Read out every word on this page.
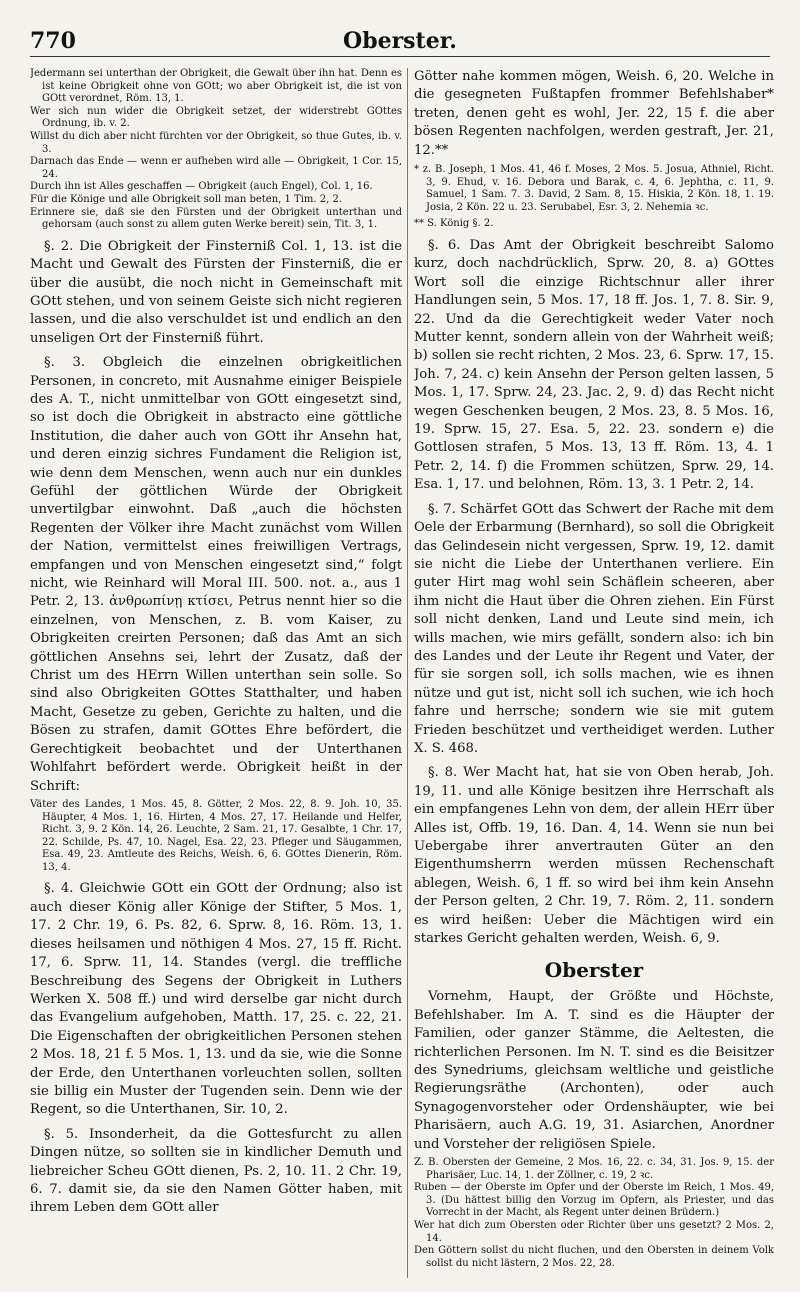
770	Oberster.

Jedermann sei unterthan der Obrigkeit, die Gewalt über ihn hat. Denn es ist keine Obrigkeit ohne von GOtt; wo aber Obrigkeit ist, die ist von GOtt verordnet, Röm. 13, 1.

Wer sich nun wider die Obrigkeit setzet, der widerstrebt GOttes Ordnung, ib. v. 2.

Willst du dich aber nicht fürchten vor der Obrigkeit, so thue Gutes, ib. v. 3.

Darnach das Ende — wenn er aufheben wird alle — Obrigkeit, 1 Cor. 15, 24.

Durch ihn ist Alles geschaffen — Obrigkeit (auch Engel), Col. 1, 16.

Für die Könige und alle Obrigkeit soll man beten, 1 Tim. 2, 2.

Erinnere sie, daß sie den Fürsten und der Obrigkeit unterthan und gehorsam (auch sonst zu allem guten Werke bereit) sein, Tit. 3, 1.

§. 2. Die Obrigkeit der Finsterniß Col. 1, 13. ist die Macht und Gewalt des Fürsten der Finsterniß, die er über die ausübt, die noch nicht in Gemeinschaft mit GOtt stehen, und von seinem Geiste sich nicht regieren lassen, und die also verschuldet ist und endlich an den unseligen Ort der Finsterniß führt.

§. 3. Obgleich die einzelnen obrigkeitlichen Personen, in concreto, mit Ausnahme einiger Beispiele des A. T., nicht unmittelbar von GOtt eingesetzt sind, so ist doch die Obrigkeit in abstracto eine göttliche Institution, die daher auch von GOtt ihr Ansehn hat, und deren einzig sichres Fundament die Religion ist, wie denn dem Menschen, wenn auch nur ein dunkles Gefühl der göttlichen Würde der Obrigkeit unvertilgbar einwohnt. Daß „auch die höchsten Regenten der Völker ihre Macht zunächst vom Willen der Nation, vermittelst eines freiwilligen Vertrags, empfangen und von Menschen eingesetzt sind,“ folgt nicht, wie Reinhard will Moral III. 500. not. a., aus 1 Petr. 2, 13. ἀνθρωπίνῃ κτίσει, Petrus nennt hier so die einzelnen, von Menschen, z. B. vom Kaiser, zu Obrigkeiten creirten Personen; daß das Amt an sich göttlichen Ansehns sei, lehrt der Zusatz, daß der Christ um des HErrn Willen unterthan sein solle. So sind also Obrigkeiten GOttes Statthalter, und haben Macht, Gesetze zu geben, Gerichte zu halten, und die Bösen zu strafen, damit GOttes Ehre befördert, die Gerechtigkeit beobachtet und der Unterthanen Wohlfahrt befördert werde. Obrigkeit heißt in der Schrift:

Väter des Landes, 1 Mos. 45, 8. Götter, 2 Mos. 22, 8. 9. Joh. 10, 35. Häupter, 4 Mos. 1, 16. Hirten, 4 Mos. 27, 17. Heilande und Helfer, Richt. 3, 9. 2 Kön. 14, 26. Leuchte, 2 Sam. 21, 17. Gesalbte, 1 Chr. 17, 22. Schilde, Ps. 47, 10. Nagel, Esa. 22, 23. Pfleger und Säugammen, Esa. 49, 23. Amtleute des Reichs, Weish. 6, 6. GOttes Dienerin, Röm. 13, 4.

§. 4. Gleichwie GOtt ein GOtt der Ordnung; also ist auch dieser König aller Könige der Stifter, 5 Mos. 1, 17. 2 Chr. 19, 6. Ps. 82, 6. Sprw. 8, 16. Röm. 13, 1. dieses heilsamen und nöthigen 4 Mos. 27, 15 ff. Richt. 17, 6. Sprw. 11, 14. Standes (vergl. die treffliche Beschreibung des Segens der Obrigkeit in Luthers Werken X. 508 ff.) und wird derselbe gar nicht durch das Evangelium aufgehoben, Matth. 17, 25. c. 22, 21. Die Eigenschaften der obrigkeitlichen Personen stehen 2 Mos. 18, 21 f. 5 Mos. 1, 13. und da sie, wie die Sonne der Erde, den Unterthanen vorleuchten sollen, sollten sie billig ein Muster der Tugenden sein. Denn wie der Regent, so die Unterthanen, Sir. 10, 2.

§. 5. Insonderheit, da die Gottesfurcht zu allen Dingen nütze, so sollten sie in kindlicher Demuth und liebreicher Scheu GOtt dienen, Ps. 2, 10. 11. 2 Chr. 19, 6. 7. damit sie, da sie den Namen Götter haben, mit ihrem Leben dem GOtt aller

Götter nahe kommen mögen, Weish. 6, 20. Welche in die gesegneten Fußtapfen frommer Befehlshaber* treten, denen geht es wohl, Jer. 22, 15 f. die aber bösen Regenten nachfolgen, werden gestraft, Jer. 21, 12.**

* z. B. Joseph, 1 Mos. 41, 46 f. Moses, 2 Mos. 5. Josua, Athniel, Richt. 3, 9. Ehud, v. 16. Debora und Barak, c. 4, 6. Jephtha, c. 11, 9. Samuel, 1 Sam. 7. 3. David, 2 Sam. 8, 15. Hiskia, 2 Kön. 18, 1. 19. Josia, 2 Kön. 22 u. 23. Serubabel, Esr. 3, 2. Nehemia ꝛc.

** S. König §. 2.

§. 6. Das Amt der Obrigkeit beschreibt Salomo kurz, doch nachdrücklich, Sprw. 20, 8. a) GOttes Wort soll die einzige Richtschnur aller ihrer Handlungen sein, 5 Mos. 17, 18 ff. Jos. 1, 7. 8. Sir. 9, 22. Und da die Gerechtigkeit weder Vater noch Mutter kennt, sondern allein von der Wahrheit weiß; b) sollen sie recht richten, 2 Mos. 23, 6. Sprw. 17, 15. Joh. 7, 24. c) kein Ansehn der Person gelten lassen, 5 Mos. 1, 17. Sprw. 24, 23. Jac. 2, 9. d) das Recht nicht wegen Geschenken beugen, 2 Mos. 23, 8. 5 Mos. 16, 19. Sprw. 15, 27. Esa. 5, 22. 23. sondern e) die Gottlosen strafen, 5 Mos. 13, 13 ff. Röm. 13, 4. 1 Petr. 2, 14. f) die Frommen schützen, Sprw. 29, 14. Esa. 1, 17. und belohnen, Röm. 13, 3. 1 Petr. 2, 14.

§. 7. Schärfet GOtt das Schwert der Rache mit dem Oele der Erbarmung (Bernhard), so soll die Obrigkeit das Gelindesein nicht vergessen, Sprw. 19, 12. damit sie nicht die Liebe der Unterthanen verliere. Ein guter Hirt mag wohl sein Schäflein scheeren, aber ihm nicht die Haut über die Ohren ziehen. Ein Fürst soll nicht denken, Land und Leute sind mein, ich wills machen, wie mirs gefällt, sondern also: ich bin des Landes und der Leute ihr Regent und Vater, der für sie sorgen soll, ich solls machen, wie es ihnen nütze und gut ist, nicht soll ich suchen, wie ich hoch fahre und herrsche; sondern wie sie mit gutem Frieden beschützet und vertheidiget werden. Luther X. S. 468.

§. 8. Wer Macht hat, hat sie von Oben herab, Joh. 19, 11. und alle Könige besitzen ihre Herrschaft als ein empfangenes Lehn von dem, der allein HErr über Alles ist, Offb. 19, 16. Dan. 4, 14. Wenn sie nun bei Uebergabe ihrer anvertrauten Güter an den Eigenthumsherrn werden müssen Rechenschaft ablegen, Weish. 6, 1 ff. so wird bei ihm kein Ansehn der Person gelten, 2 Chr. 19, 7. Röm. 2, 11. sondern es wird heißen: Ueber die Mächtigen wird ein starkes Gericht gehalten werden, Weish. 6, 9.

Oberster

Vornehm, Haupt, der Größte und Höchste, Befehlshaber. Im A. T. sind es die Häupter der Familien, oder ganzer Stämme, die Aeltesten, die richterlichen Personen. Im N. T. sind es die Beisitzer des Synedriums, gleichsam weltliche und geistliche Regierungsräthe (Archonten), oder auch Synagogenvorsteher oder Ordenshäupter, wie bei Pharisäern, auch A.G. 19, 31. Asiarchen, Anordner und Vorsteher der religiösen Spiele.

Z. B. Obersten der Gemeine, 2 Mos. 16, 22. c. 34, 31. Jos. 9, 15. der Pharisäer, Luc. 14, 1. der Zöllner, c. 19, 2 ꝛc.

Ruben — der Oberste im Opfer und der Oberste im Reich, 1 Mos. 49, 3. (Du hättest billig den Vorzug im Opfern, als Priester, und das Vorrecht in der Macht, als Regent unter deinen Brüdern.)

Wer hat dich zum Obersten oder Richter über uns gesetzt? 2 Mos. 2, 14.

Den Göttern sollst du nicht fluchen, und den Obersten in deinem Volk sollst du nicht lästern, 2 Mos. 22, 28.
